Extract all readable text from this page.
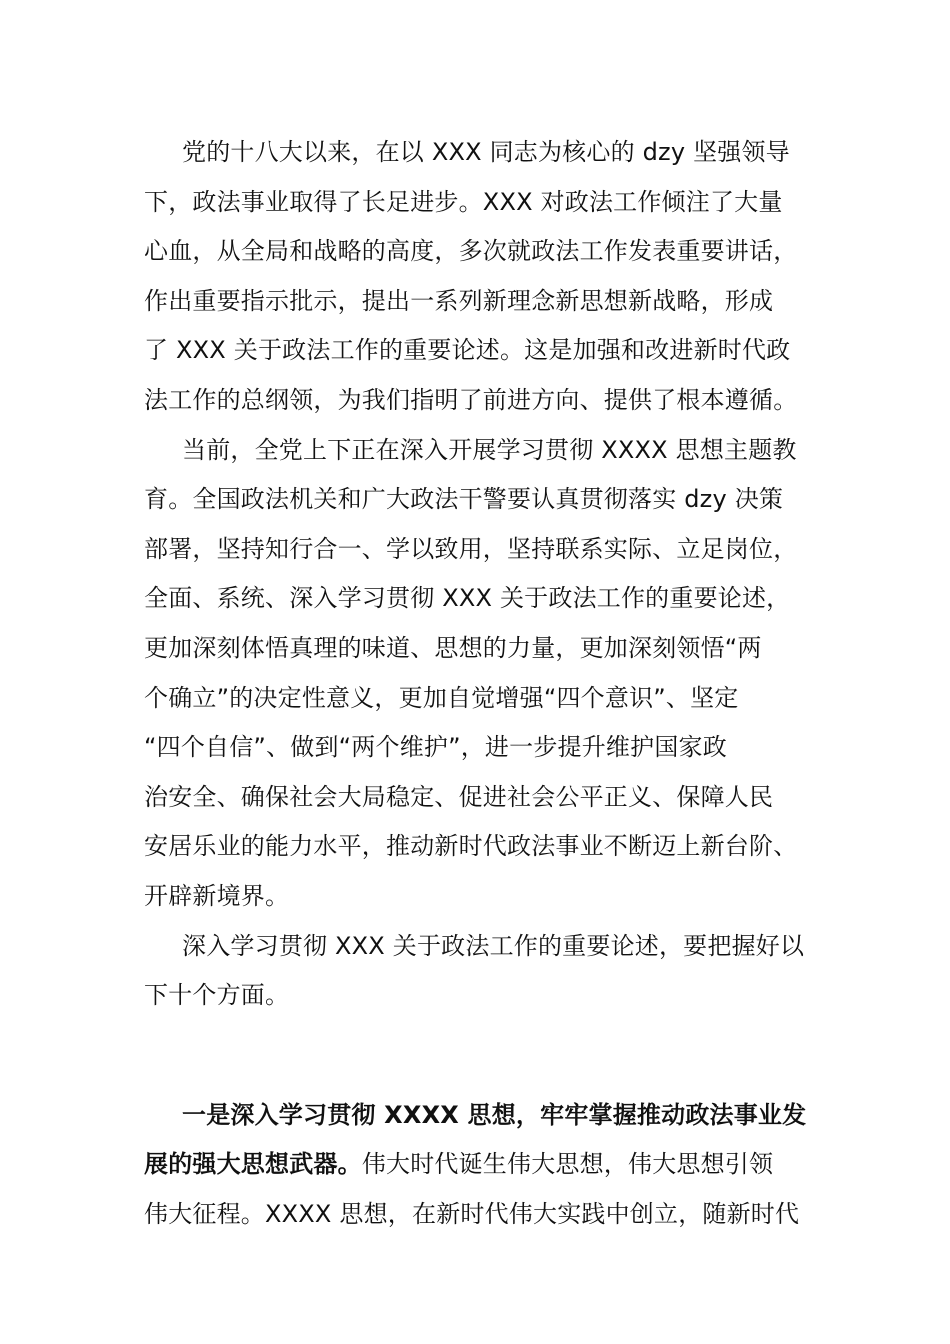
党的十八大以来，在以 XXX 同志为核心的 dzy 坚强领导
下，政法事业取得了长足进步。XXX 对政法工作倾注了大量
心血，从全局和战略的高度，多次就政法工作发表重要讲话，
作出重要指示批示，提出一系列新理念新思想新战略，形成
了 XXX 关于政法工作的重要论述。这是加强和改进新时代政
法工作的总纲领，为我们指明了前进方向、提供了根本遵循。
当前，全党上下正在深入开展学习贯彻 XXXX 思想主题教
育。全国政法机关和广大政法干警要认真贯彻落实 dzy 决策
部署，坚持知行合一、学以致用，坚持联系实际、立足岗位，
全面、系统、深入学习贯彻 XXX 关于政法工作的重要论述，
更加深刻体悟真理的味道、思想的力量，更加深刻领悟“两
个确立”的决定性意义，更加自觉增强“四个意识”、坚定
“四个自信”、做到“两个维护”，进一步提升维护国家政
治安全、确保社会大局稳定、促进社会公平正义、保障人民
安居乐业的能力水平，推动新时代政法事业不断迈上新台阶、
开辟新境界。
深入学习贯彻 XXX 关于政法工作的重要论述，要把握好以
下十个方面。
一是深入学习贯彻 XXXX 思想，牢牢掌握推动政法事业发
展的强大思想武器。伟大时代诞生伟大思想，伟大思想引领
伟大征程。XXXX 思想，在新时代伟大实践中创立，随新时代
